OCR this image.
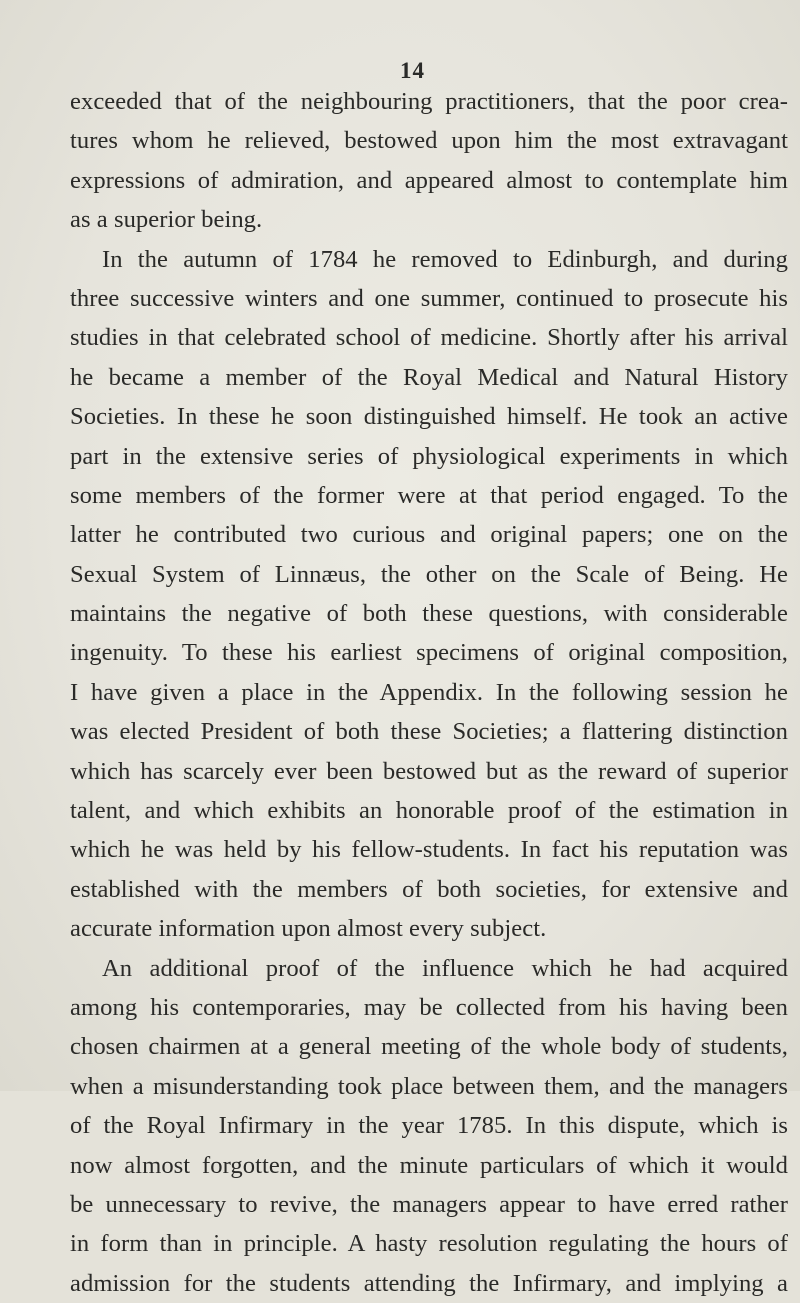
14
exceeded that of the neighbouring practitioners, that the poor crea-
tures whom he relieved, bestowed upon him the most extravagant
expressions of admiration, and appeared almost to contemplate him
as a superior being.
In the autumn of 1784 he removed to Edinburgh, and during
three successive winters and one summer, continued to prosecute his
studies in that celebrated school of medicine. Shortly after his arrival
he became a member of the Royal Medical and Natural History
Societies. In these he soon distinguished himself. He took an active
part in the extensive series of physiological experiments in which
some members of the former were at that period engaged. To the
latter he contributed two curious and original papers; one on the
Sexual System of Linnæus, the other on the Scale of Being. He
maintains the negative of both these questions, with considerable
ingenuity. To these his earliest specimens of original composition,
I have given a place in the Appendix. In the following session he
was elected President of both these Societies; a flattering distinction
which has scarcely ever been bestowed but as the reward of superior
talent, and which exhibits an honorable proof of the estimation in
which he was held by his fellow-students. In fact his reputation was
established with the members of both societies, for extensive and
accurate information upon almost every subject.
An additional proof of the influence which he had acquired
among his contemporaries, may be collected from his having been
chosen chairmen at a general meeting of the whole body of students,
when a misunderstanding took place between them, and the managers
of the Royal Infirmary in the year 1785. In this dispute, which is
now almost forgotten, and the minute particulars of which it would
be unnecessary to revive, the managers appear to have erred rather
in form than in principle. A hasty resolution regulating the hours of
admission for the students attending the Infirmary, and implying a
